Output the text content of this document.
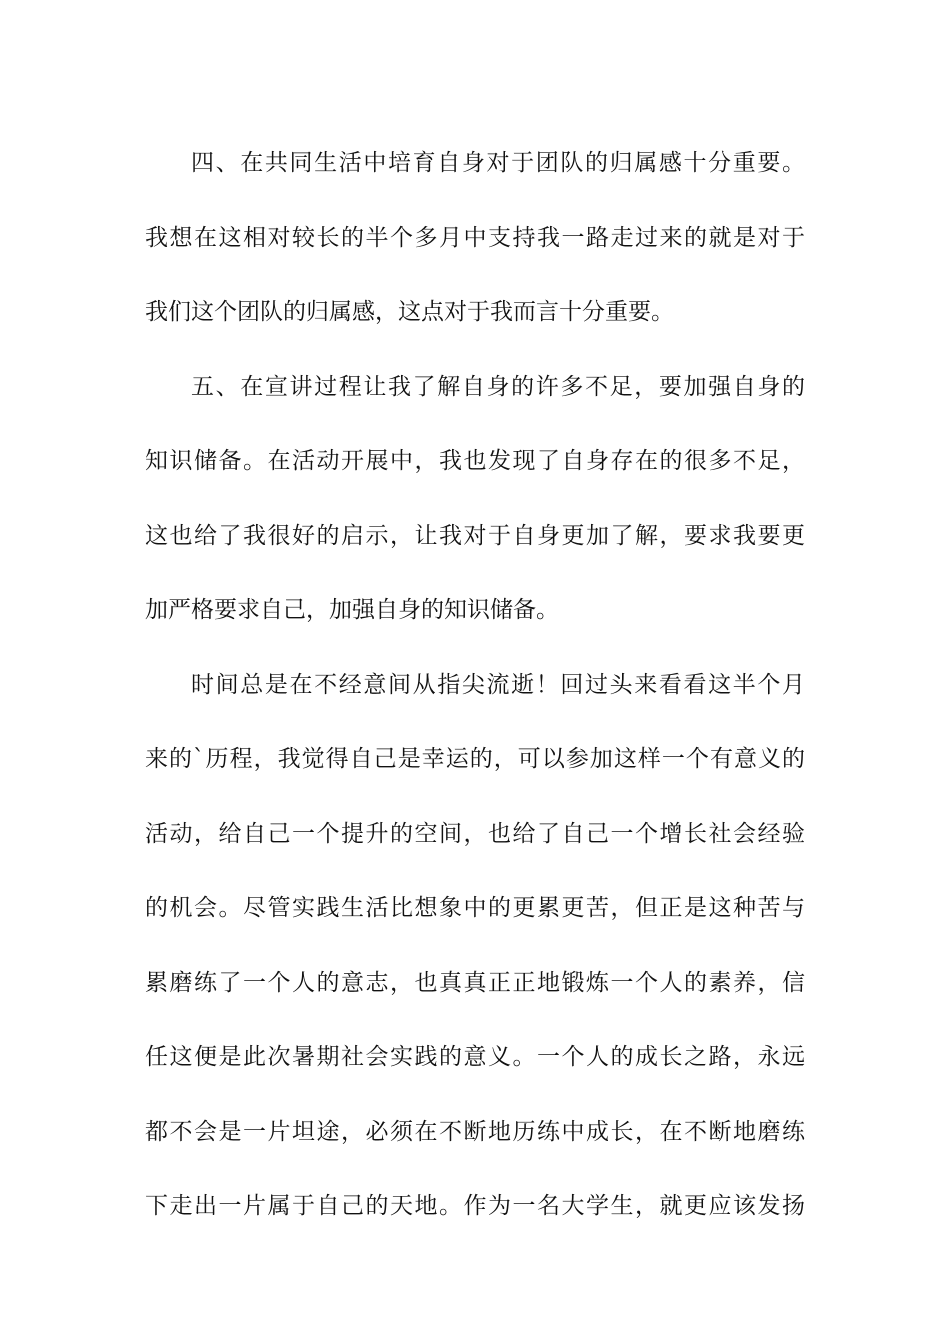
四、在共同生活中培育自身对于团队的归属感十分重要。
我想在这相对较长的半个多月中支持我一路走过来的就是对于
我们这个团队的归属感，这点对于我而言十分重要。
五、在宣讲过程让我了解自身的许多不足，要加强自身的
知识储备。在活动开展中，我也发现了自身存在的很多不足，
这也给了我很好的启示，让我对于自身更加了解，要求我要更
加严格要求自己，加强自身的知识储备。
时间总是在不经意间从指尖流逝！回过头来看看这半个月
来的`历程，我觉得自己是幸运的，可以参加这样一个有意义的
活动，给自己一个提升的空间，也给了自己一个增长社会经验
的机会。尽管实践生活比想象中的更累更苦，但正是这种苦与
累磨练了一个人的意志，也真真正正地锻炼一个人的素养，信
任这便是此次暑期社会实践的意义。一个人的成长之路，永远
都不会是一片坦途，必须在不断地历练中成长，在不断地磨练
下走出一片属于自己的天地。作为一名大学生，就更应该发扬
